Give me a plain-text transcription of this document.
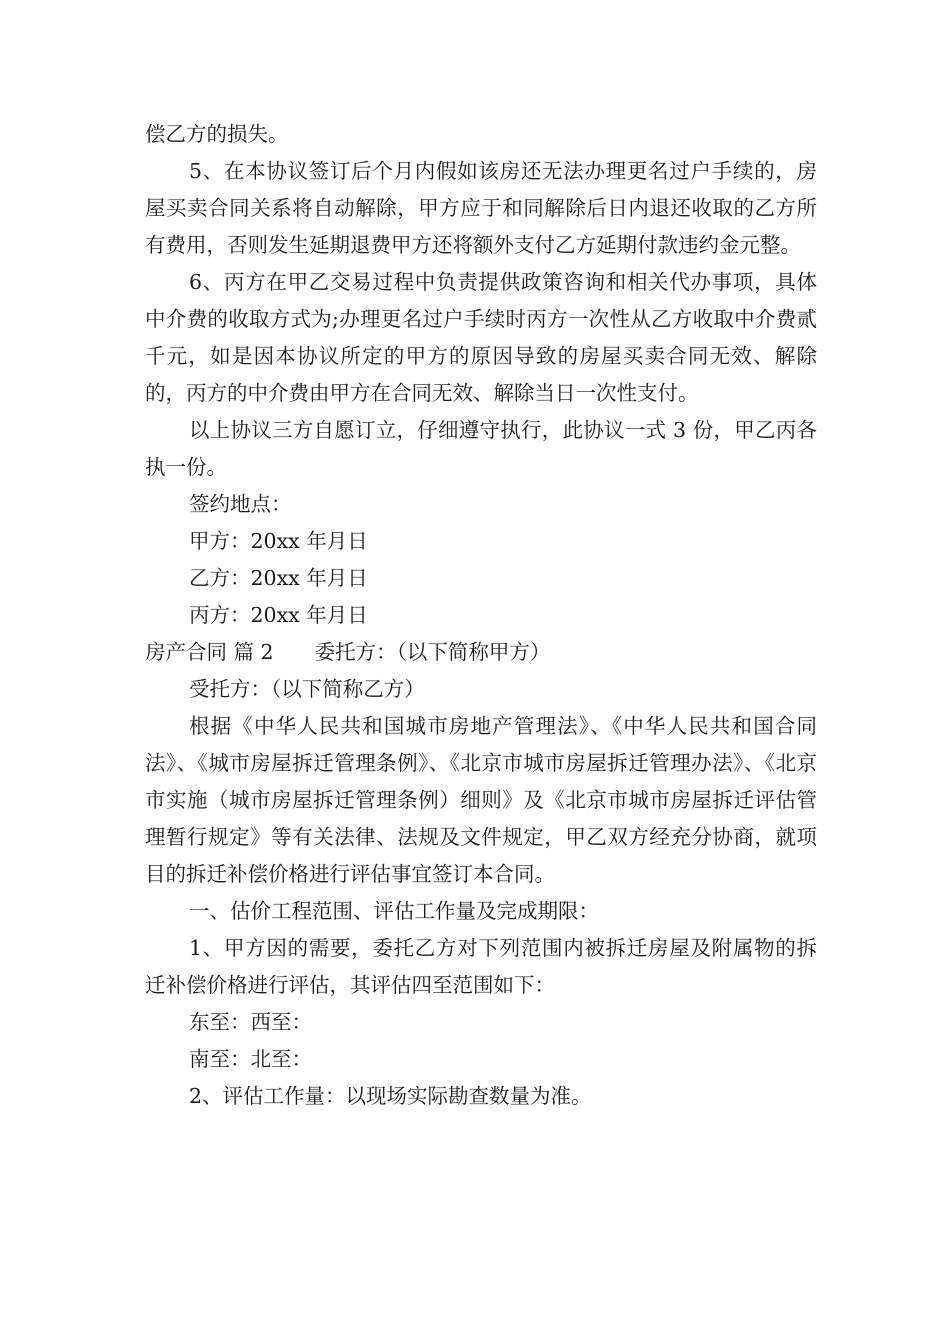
偿乙方的损失。

5、在本协议签订后个月内假如该房还无法办理更名过户手续的，房屋买卖合同关系将自动解除，甲方应于和同解除后日内退还收取的乙方所有费用，否则发生延期退费甲方还将额外支付乙方延期付款违约金元整。

6、丙方在甲乙交易过程中负责提供政策咨询和相关代办事项，具体中介费的收取方式为;办理更名过户手续时丙方一次性从乙方收取中介费贰千元，如是因本协议所定的甲方的原因导致的房屋买卖合同无效、解除的，丙方的中介费由甲方在合同无效、解除当日一次性支付。

以上协议三方自愿订立，仔细遵守执行，此协议一式 3 份，甲乙丙各执一份。

签约地点：

甲方：20xx 年月日

乙方：20xx 年月日

丙方：20xx 年月日

房产合同 篇 2　　委托方：（以下简称甲方）

受托方：（以下简称乙方）

根据《中华人民共和国城市房地产管理法》、《中华人民共和国合同法》、《城市房屋拆迁管理条例》、《北京市城市房屋拆迁管理办法》、《北京市实施（城市房屋拆迁管理条例）细则》及《北京市城市房屋拆迁评估管理暂行规定》等有关法律、法规及文件规定，甲乙双方经充分协商，就项目的拆迁补偿价格进行评估事宜签订本合同。

一、估价工程范围、评估工作量及完成期限：

1、甲方因的需要，委托乙方对下列范围内被拆迁房屋及附属物的拆迁补偿价格进行评估，其评估四至范围如下：

东至：西至：

南至：北至：

2、评估工作量：以现场实际勘查数量为准。
